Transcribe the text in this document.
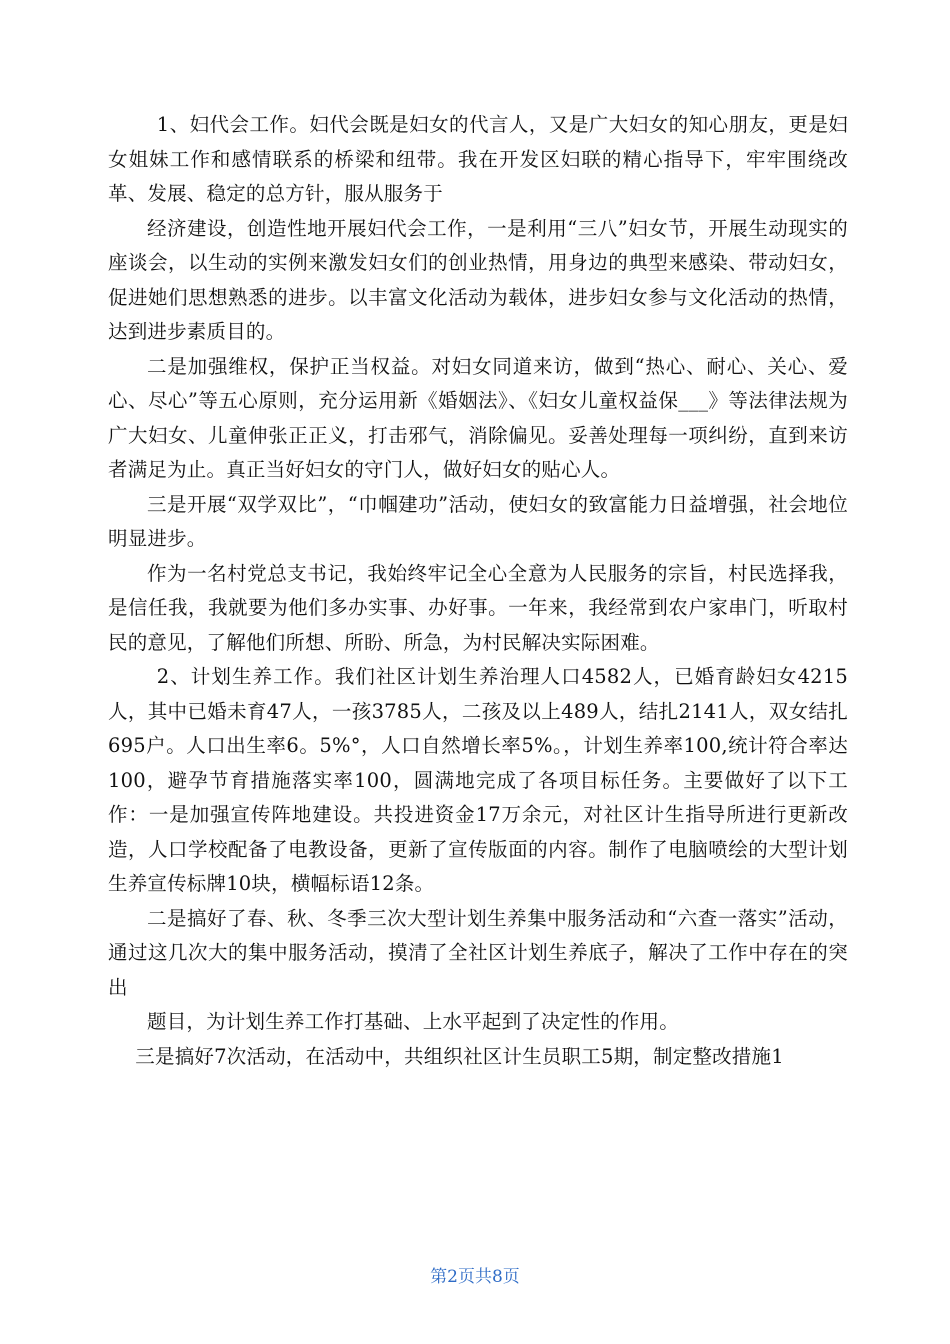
1、妇代会工作。妇代会既是妇女的代言人，又是广大妇女的知心朋友，更是妇女姐妹工作和感情联系的桥梁和纽带。我在开发区妇联的精心指导下，牢牢围绕改革、发展、稳定的总方针，服从服务于

经济建设，创造性地开展妇代会工作，一是利用“三八”妇女节，开展生动现实的座谈会，以生动的实例来激发妇女们的创业热情，用身边的典型来感染、带动妇女，促进她们思想熟悉的进步。以丰富文化活动为载体，进步妇女参与文化活动的热情，达到进步素质目的。

二是加强维权，保护正当权益。对妇女同道来访，做到“热心、耐心、关心、爱心、尽心”等五心原则，充分运用新《婚姻法》、《妇女儿童权益保___》等法律法规为广大妇女、儿童伸张正正义，打击邪气，消除偏见。妥善处理每一项纠纷，直到来访者满足为止。真正当好妇女的守门人，做好妇女的贴心人。

三是开展“双学双比”，“巾帼建功”活动，使妇女的致富能力日益增强，社会地位明显进步。

作为一名村党总支书记，我始终牢记全心全意为人民服务的宗旨，村民选择我，是信任我，我就要为他们多办实事、办好事。一年来，我经常到农户家串门，听取村民的意见，了解他们所想、所盼、所急，为村民解决实际困难。

2、计划生养工作。我们社区计划生养治理人口4582人，已婚育龄妇女4215人，其中已婚未育47人，一孩3785人，二孩及以上489人，结扎2141人，双女结扎695户。人口出生率6。5%°，人口自然增长率5%。，计划生养率100,统计符合率达100，避孕节育措施落实率100，圆满地完成了各项目标任务。主要做好了以下工作：一是加强宣传阵地建设。共投进资金17万余元，对社区计生指导所进行更新改造，人口学校配备了电教设备，更新了宣传版面的内容。制作了电脑喷绘的大型计划生养宣传标牌10块，横幅标语12条。

二是搞好了春、秋、冬季三次大型计划生养集中服务活动和“六查一落实”活动，通过这几次大的集中服务活动，摸清了全社区计划生养底子，解决了工作中存在的突出

题目，为计划生养工作打基础、上水平起到了决定性的作用。

三是搞好7次活动，在活动中，共组织社区计生员职工5期，制定整改措施1

第2页共8页
